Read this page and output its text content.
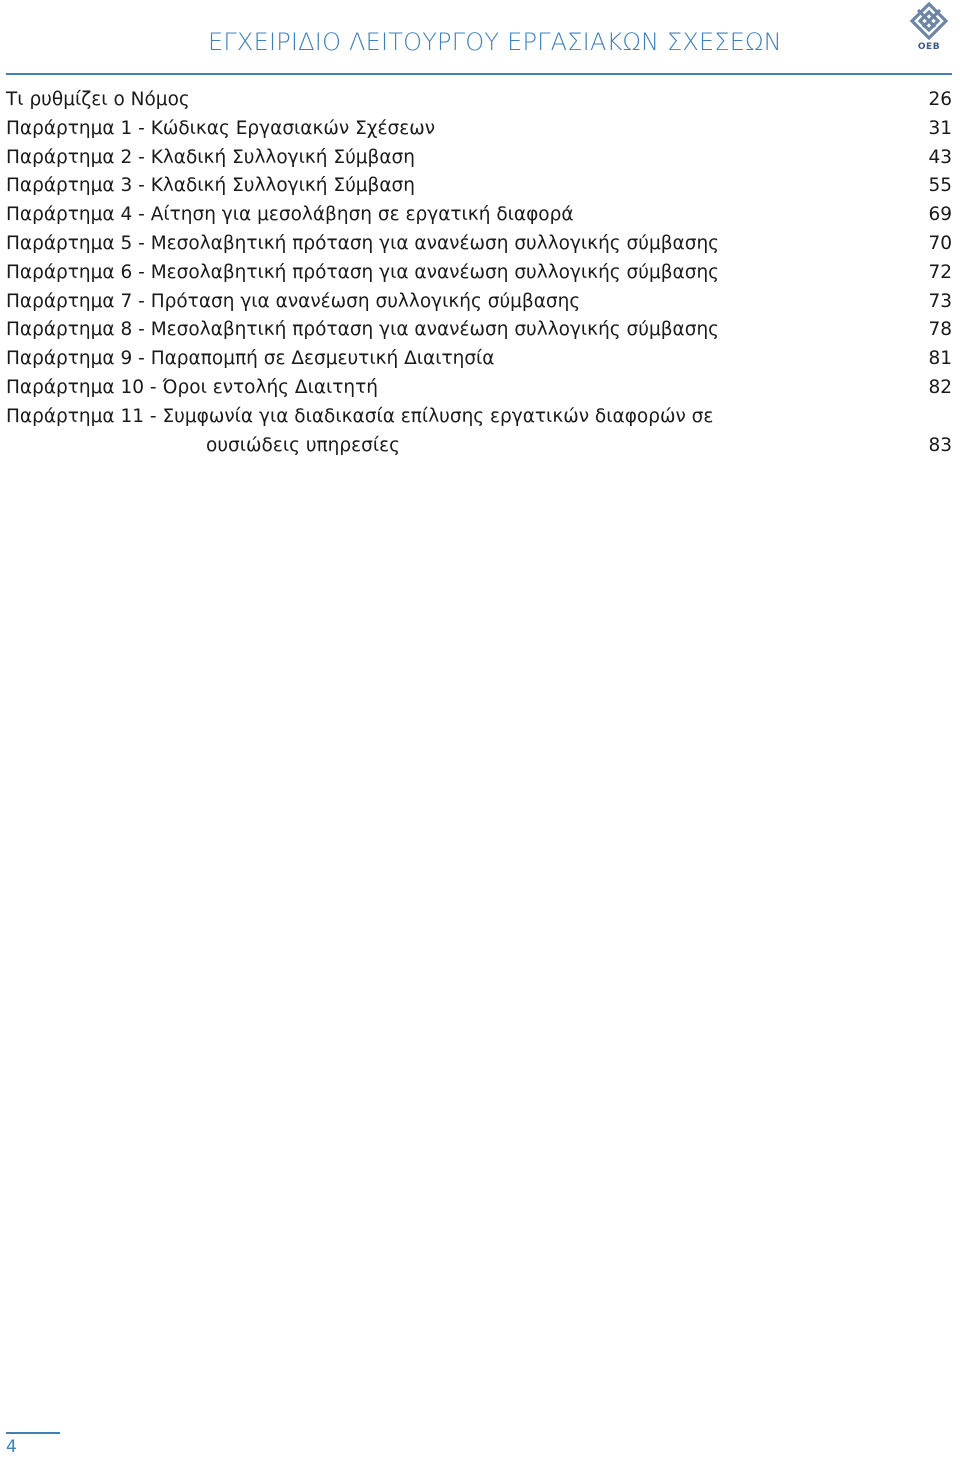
ΕΓΧΕΙΡΙΔΙΟ ΛΕΙΤΟΥΡΓΟΥ ΕΡΓΑΣΙΑΚΩΝ ΣΧΕΣΕΩΝ	OEB
Τι ρυθμίζει ο Νόμος	26
Παράρτημα 1 - Κώδικας Εργασιακών Σχέσεων	31
Παράρτημα 2 - Κλαδική Συλλογική Σύμβαση	43
Παράρτημα 3 - Κλαδική Συλλογική Σύμβαση	55
Παράρτημα 4 - Αίτηση για μεσολάβηση σε εργατική διαφορά	69
Παράρτημα 5 - Μεσολαβητική πρόταση για ανανέωση συλλογικής σύμβασης	70
Παράρτημα 6 - Μεσολαβητική πρόταση για ανανέωση συλλογικής σύμβασης	72
Παράρτημα 7 - Πρόταση για ανανέωση συλλογικής σύμβασης	73
Παράρτημα 8 - Μεσολαβητική πρόταση για ανανέωση συλλογικής σύμβασης	78
Παράρτημα 9 - Παραπομπή σε Δεσμευτική Διαιτησία	81
Παράρτημα 10 - Όροι εντολής Διαιτητή	82
Παράρτημα 11 - Συμφωνία για διαδικασία επίλυσης εργατικών διαφορών σε
ουσιώδεις υπηρεσίες	83
4
